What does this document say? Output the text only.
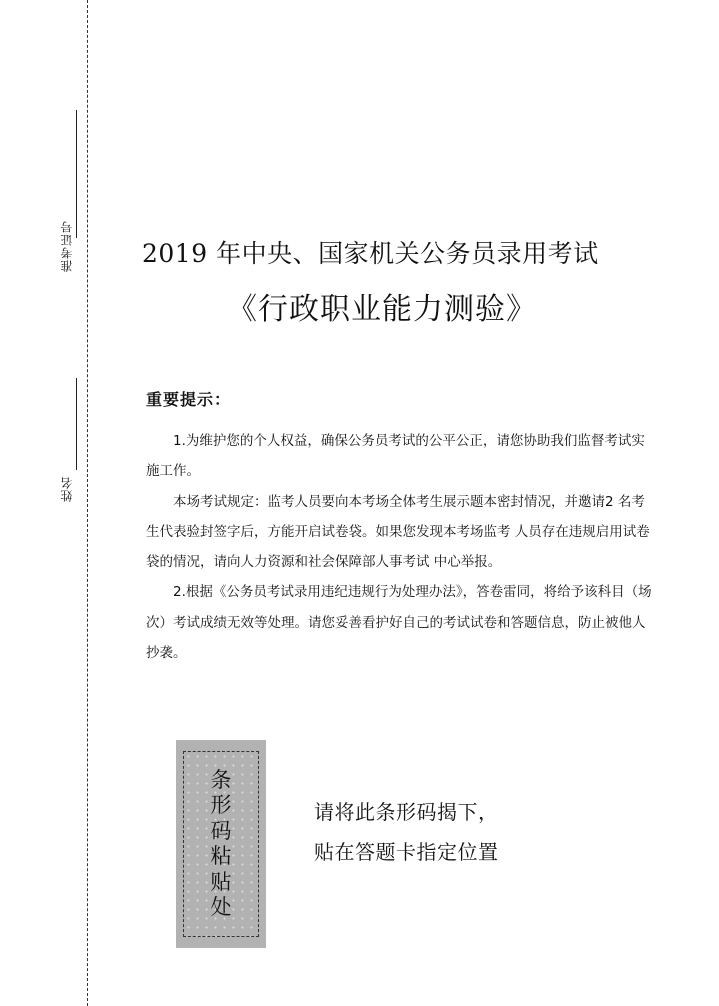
准考证号
姓名
2019 年中央、国家机关公务员录用考试
《行政职业能力测验》
重要提示：

1.为维护您的个人权益，确保公务员考试的公平公正，请您协助我们监督考试实施工作。

本场考试规定：监考人员要向本考场全体考生展示题本密封情况，并邀请2 名考生代表验封签字后，方能开启试卷袋。如果您发现本考场监考 人员存在违规启用试卷袋的情况，请向人力资源和社会保障部人事考试 中心举报。

2.根据《公务员考试录用违纪违规行为处理办法》，答卷雷同，将给予该科目（场次）考试成绩无效等处理。请您妥善看护好自己的考试试卷和答题信息，防止被他人抄袭。

条
形
码
粘
贴
处
请将此条形码揭下，
贴在答题卡指定位置
